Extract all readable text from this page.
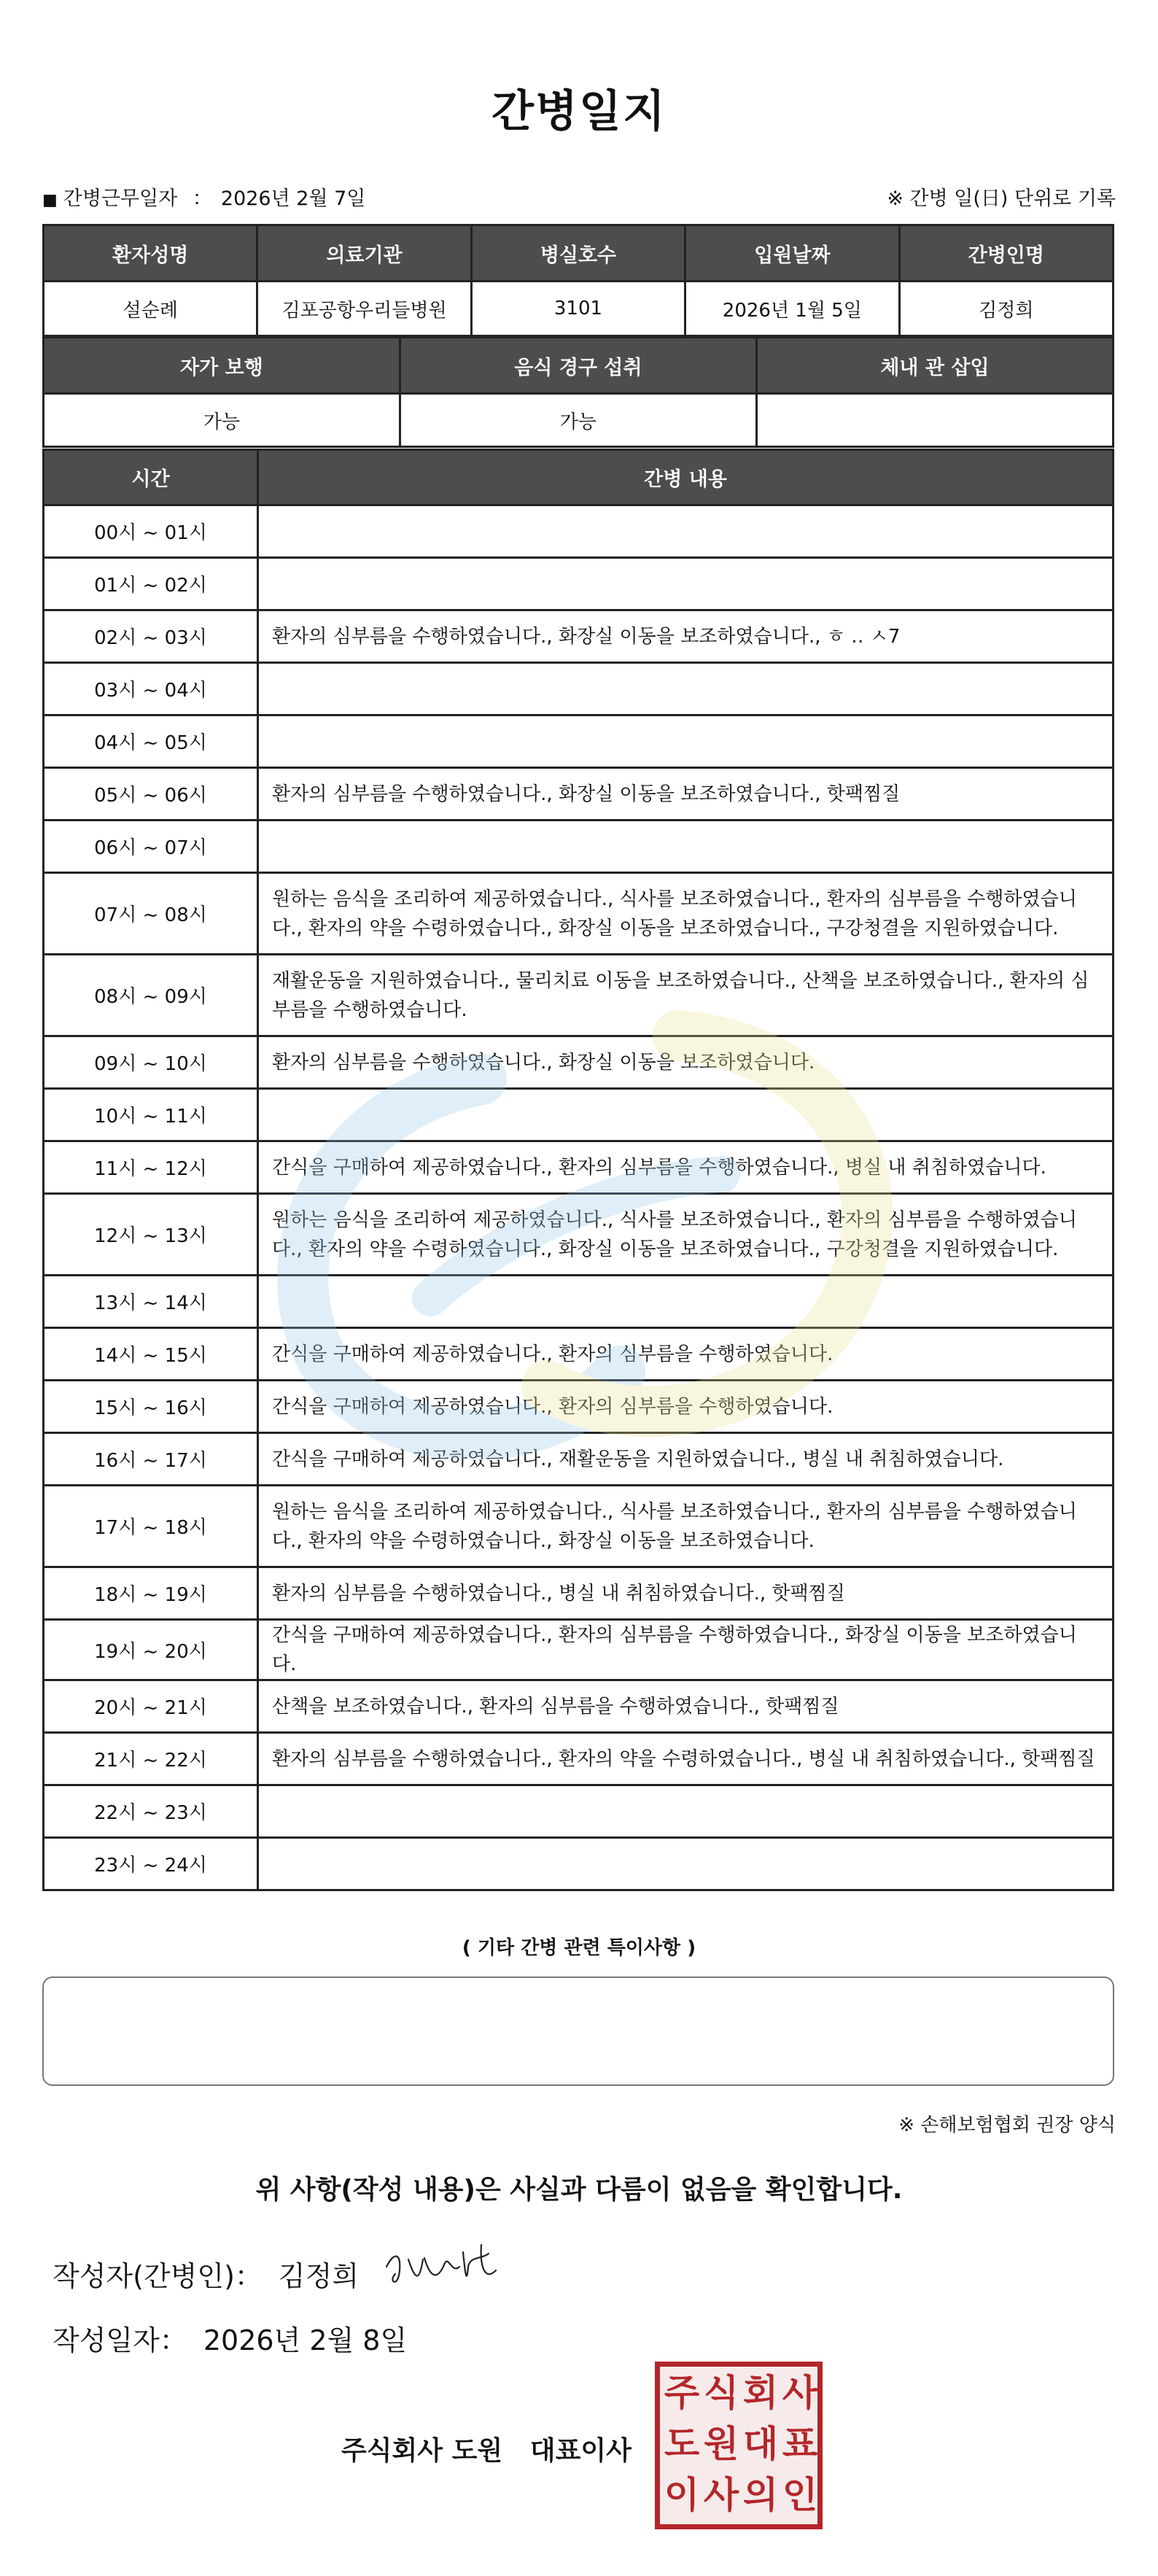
간병일지
■ 간병근무일자 ： 2026년 2월 7일	※ 간병 일(日) 단위로 기록
환자성명	의료기관	병실호수	입원날짜	간병인명
설순례	김포공항우리들병원	3101	2026년 1월 5일	김정희
자가 보행	음식 경구 섭취	체내 관 삽입
가능	가능	
시간	간병 내용
00시 ~ 01시	
01시 ~ 02시	
02시 ~ 03시	환자의 심부름을 수행하였습니다., 화장실 이동을 보조하였습니다., ㅎ ‥ ㅅ7
03시 ~ 04시	
04시 ~ 05시	
05시 ~ 06시	환자의 심부름을 수행하였습니다., 화장실 이동을 보조하였습니다., 핫팩찜질
06시 ~ 07시	
07시 ~ 08시	원하는 음식을 조리하여 제공하였습니다., 식사를 보조하였습니다., 환자의 심부름을 수행하였습니다., 환자의 약을 수령하였습니다., 화장실 이동을 보조하였습니다., 구강청결을 지원하였습니다.
08시 ~ 09시	재활운동을 지원하였습니다., 물리치료 이동을 보조하였습니다., 산책을 보조하였습니다., 환자의 심부름을 수행하였습니다.
09시 ~ 10시	환자의 심부름을 수행하였습니다., 화장실 이동을 보조하였습니다.
10시 ~ 11시	
11시 ~ 12시	간식을 구매하여 제공하였습니다., 환자의 심부름을 수행하였습니다., 병실 내 취침하였습니다.
12시 ~ 13시	원하는 음식을 조리하여 제공하였습니다., 식사를 보조하였습니다., 환자의 심부름을 수행하였습니다., 환자의 약을 수령하였습니다., 화장실 이동을 보조하였습니다., 구강청결을 지원하였습니다.
13시 ~ 14시	
14시 ~ 15시	간식을 구매하여 제공하였습니다., 환자의 심부름을 수행하였습니다.
15시 ~ 16시	간식을 구매하여 제공하였습니다., 환자의 심부름을 수행하였습니다.
16시 ~ 17시	간식을 구매하여 제공하였습니다., 재활운동을 지원하였습니다., 병실 내 취침하였습니다.
17시 ~ 18시	원하는 음식을 조리하여 제공하였습니다., 식사를 보조하였습니다., 환자의 심부름을 수행하였습니다., 환자의 약을 수령하였습니다., 화장실 이동을 보조하였습니다.
18시 ~ 19시	환자의 심부름을 수행하였습니다., 병실 내 취침하였습니다., 핫팩찜질
19시 ~ 20시	간식을 구매하여 제공하였습니다., 환자의 심부름을 수행하였습니다., 화장실 이동을 보조하였습니다.
20시 ~ 21시	산책을 보조하였습니다., 환자의 심부름을 수행하였습니다., 핫팩찜질
21시 ~ 22시	환자의 심부름을 수행하였습니다., 환자의 약을 수령하였습니다., 병실 내 취침하였습니다., 핫팩찜질
22시 ~ 23시	
23시 ~ 24시	
( 기타 간병 관련 특이사항 )
※ 손해보험협회 권장 양식
위 사항(작성 내용)은 사실과 다름이 없음을 확인합니다.
작성자(간병인)： 김정희
작성일자： 2026년 2월 8일
주식회사 도원   대표이사
주 식 회 사
도 원 대 표
이 사 의 인
